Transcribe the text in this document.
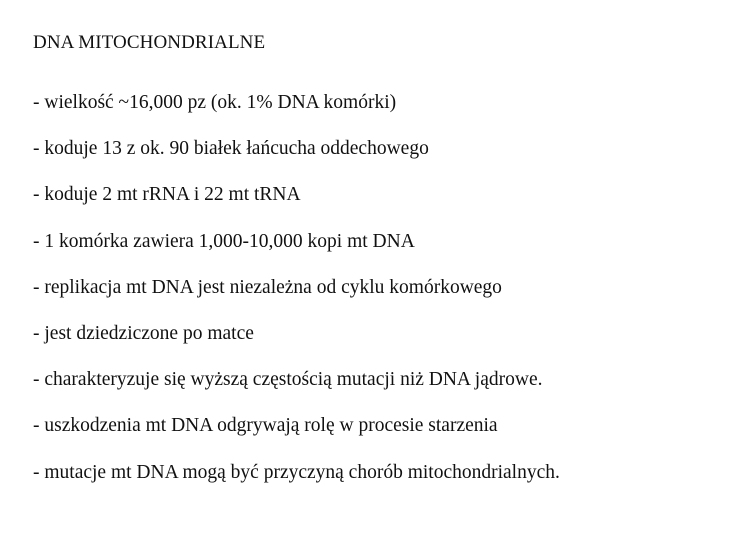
DNA MITOCHONDRIALNE
- wielkość ~16,000 pz (ok. 1% DNA komórki)
- koduje 13 z ok. 90 białek łańcucha oddechowego
- koduje 2 mt rRNA i 22 mt tRNA
- 1 komórka zawiera 1,000-10,000 kopi mt DNA
- replikacja mt DNA jest niezależna od cyklu komórkowego
- jest dziedziczone po matce
- charakteryzuje się wyższą częstością mutacji niż DNA jądrowe.
- uszkodzenia mt DNA odgrywają rolę w procesie starzenia
- mutacje mt DNA mogą być przyczyną chorób mitochondrialnych.
